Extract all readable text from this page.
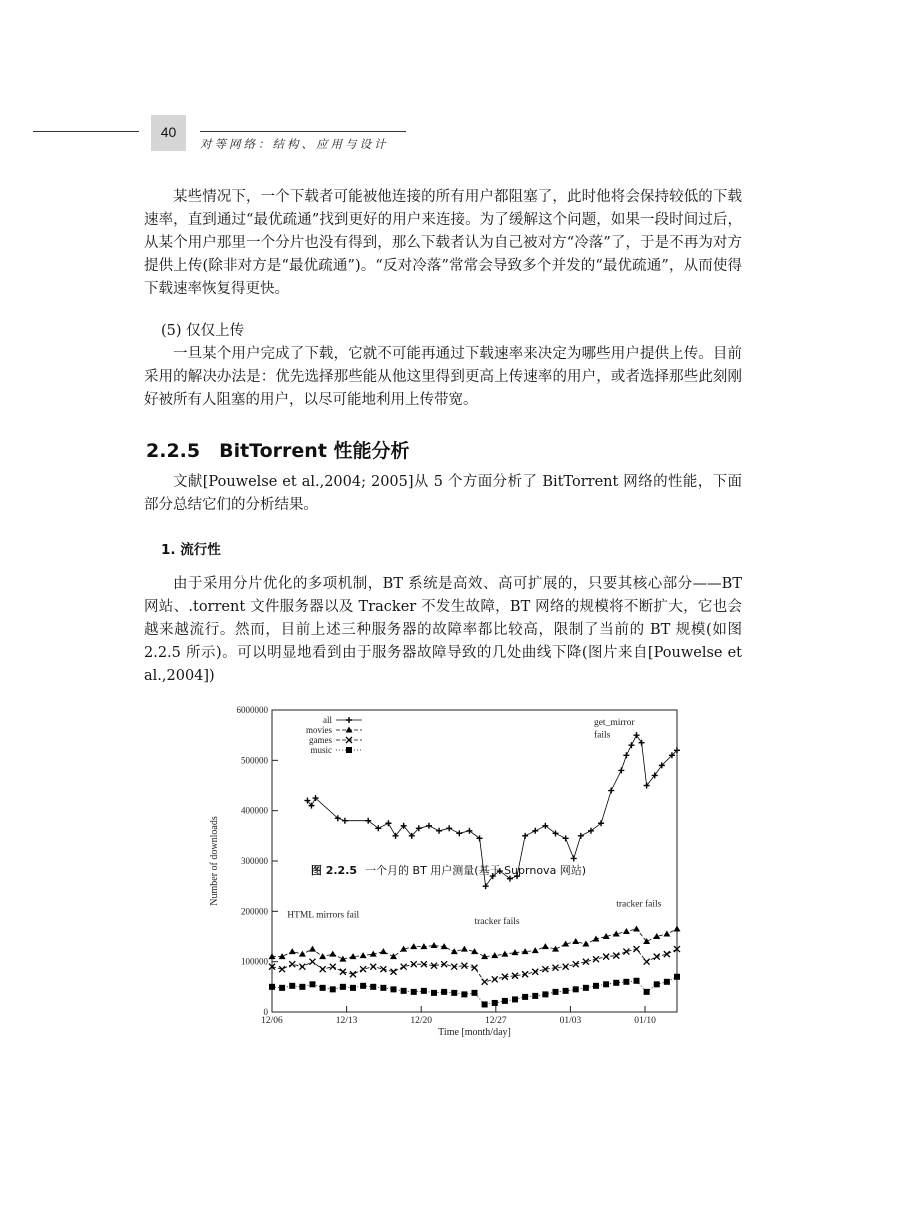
40
对等网络：结构、应用与设计

某些情况下，一个下载者可能被他连接的所有用户都阻塞了，此时他将会保持较低的下载速率，直到通过“最优疏通”找到更好的用户来连接。为了缓解这个问题，如果一段时间过后，从某个用户那里一个分片也没有得到，那么下载者认为自己被对方“冷落”了，于是不再为对方提供上传(除非对方是“最优疏通”)。“反对冷落”常常会导致多个并发的“最优疏通”，从而使得下载速率恢复得更快。

(5) 仅仅上传

一旦某个用户完成了下载，它就不可能再通过下载速率来决定为哪些用户提供上传。目前采用的解决办法是：优先选择那些能从他这里得到更高上传速率的用户，或者选择那些此刻刚好被所有人阻塞的用户，以尽可能地利用上传带宽。

2.2.5　BitTorrent 性能分析

文献[Pouwelse et al.,2004; 2005]从 5 个方面分析了 BitTorrent 网络的性能，下面部分总结它们的分析结果。

1. 流行性

由于采用分片优化的多项机制，BT 系统是高效、高可扩展的，只要其核心部分——BT 网站、.torrent 文件服务器以及 Tracker 不发生故障，BT 网络的规模将不断扩大，它也会越来越流行。然而，目前上述三种服务器的故障率都比较高，限制了当前的 BT 规模(如图 2.2.5 所示)。可以明显地看到由于服务器故障导致的几处曲线下降(图片来自[Pouwelse et al.,2004])

0
100000
200000
300000
400000
500000
6000000
12/06	12/13	12/20	12/27	01/03	01/10
Time [month/day]
Number of downloads
all
movies
games
music
get_mirror
fails
HTML mirrors fail
tracker fails
tracker fails
图 2.2.5 一个月的 BT 用户测量(基于 Suprnova 网站)
